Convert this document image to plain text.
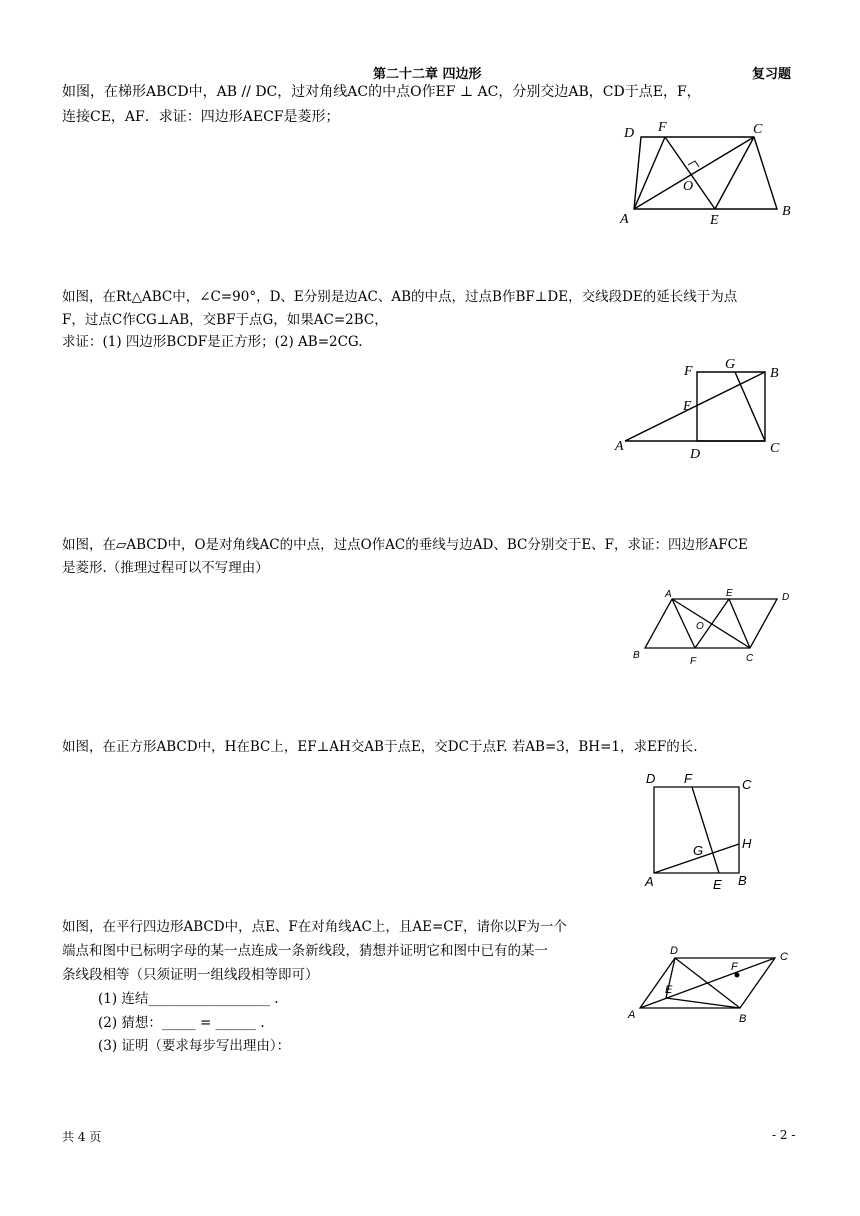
第二十二章 四边形	复习题
如图，在梯形ABCD中，AB // DC，过对角线AC的中点O作EF ⊥ AC，分别交边AB，CD于点E，F，
连接CE，AF．求证：四边形AECF是菱形；
D F	C
O
A	E
B
如图，在Rt△ABC中，∠C=90°，D、E分别是边AC、AB的中点，过点B作BF⊥DE，交线段DE的延长线于为点
F，过点C作CG⊥AB，交BF于点G，如果AC=2BC，
求证：(1) 四边形BCDF是正方形；(2) AB=2CG.
F G
B
E
A
D	C
如图，在▱ABCD中，O是对角线AC的中点，过点O作AC的垂线与边AD、BC分别交于E、F，求证：四边形AFCE
是菱形.（推理过程可以不写理由）
A	E	D
O
B
F	C
如图，在正方形ABCD中，H在BC上，EF⊥AH交AB于点E，交DC于点F. 若AB=3，BH=1，求EF的长.
D F	C
H
G
A	E B
如图，在平行四边形ABCD中，点E、F在对角线AC上，且AE=CF，请你以F为一个
端点和图中已标明字母的某一点连成一条新线段，猜想并证明它和图中已有的某一
条线段相等（只须证明一组线段相等即可）
(1) 连结__________________ .
(2) 猜想：_____ = ______ .
(3) 证明（要求每步写出理由）：
D
F
C
E
A	B
共 4 页	- 2 -
